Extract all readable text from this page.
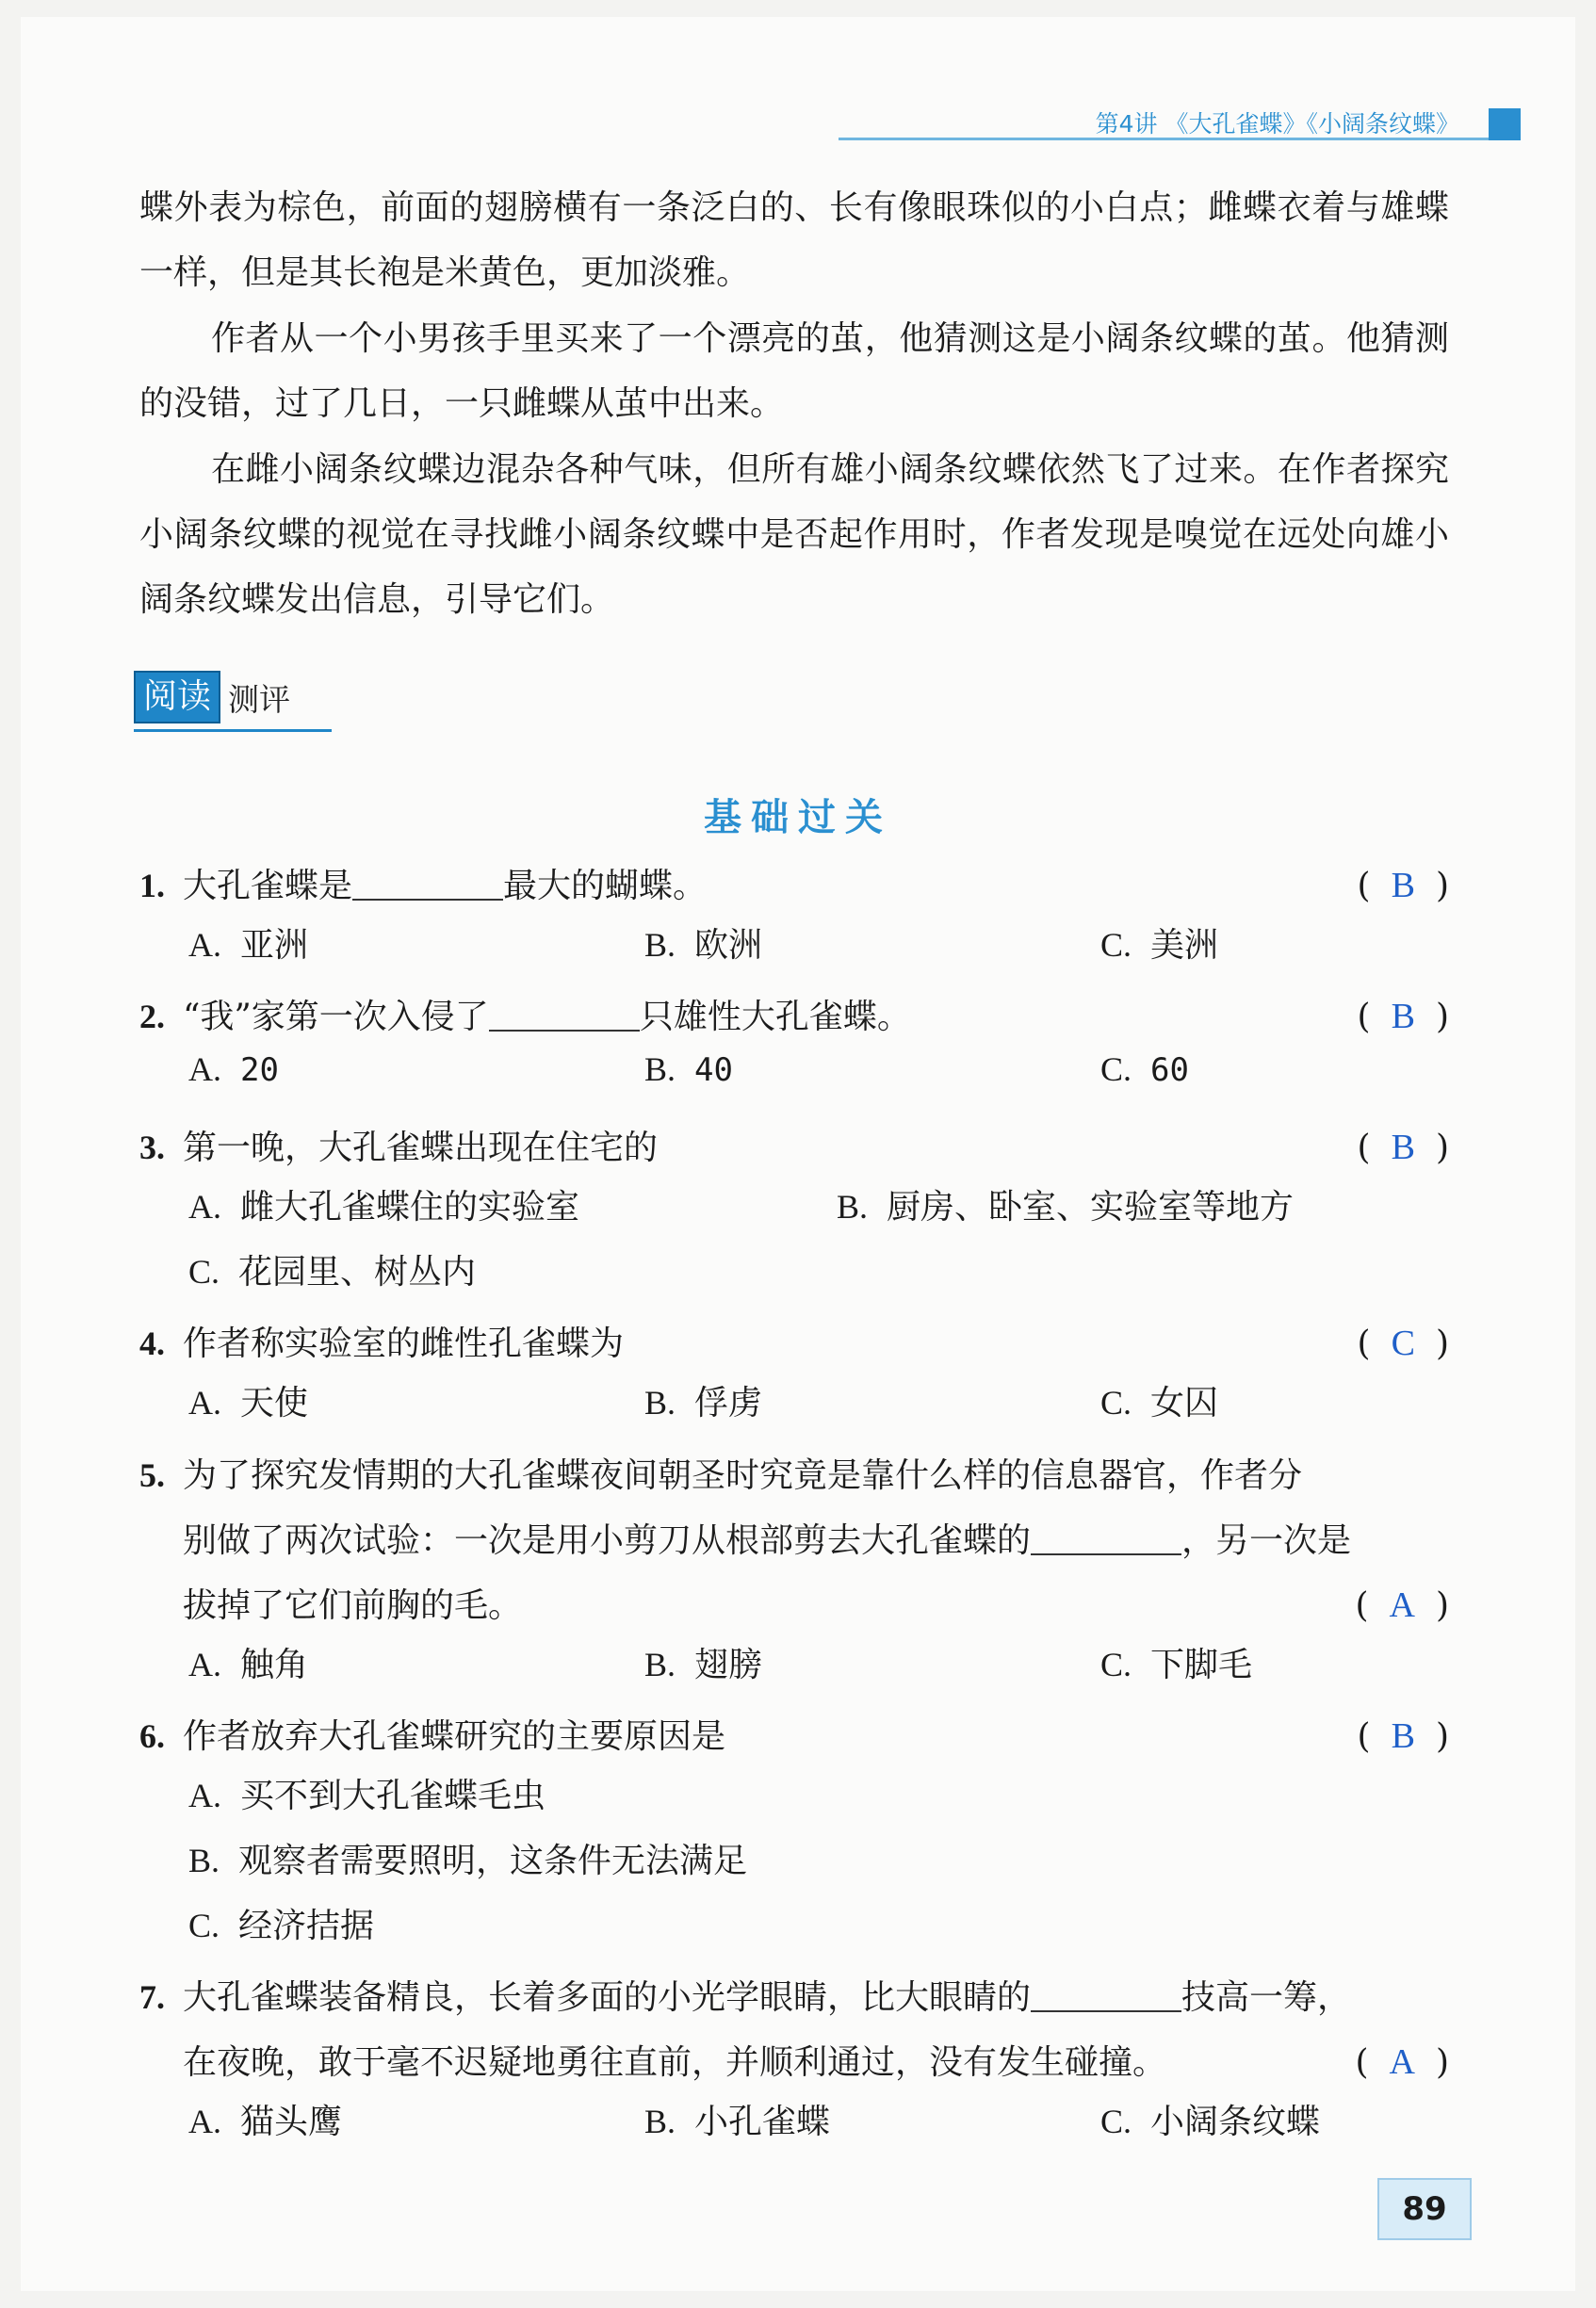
第4讲 《大孔雀蝶》《小阔条纹蝶》
蝶外表为棕色，前面的翅膀横有一条泛白的、长有像眼珠似的小白点；雌蝶衣着与雄蝶一样，但是其长袍是米黄色，更加淡雅。
作者从一个小男孩手里买来了一个漂亮的茧，他猜测这是小阔条纹蝶的茧。他猜测的没错，过了几日，一只雌蝶从茧中出来。
在雌小阔条纹蝶边混杂各种气味，但所有雄小阔条纹蝶依然飞了过来。在作者探究小阔条纹蝶的视觉在寻找雌小阔条纹蝶中是否起作用时，作者发现是嗅觉在远处向雄小阔条纹蝶发出信息，引导它们。
阅读 测评
基础过关
1. 大孔雀蝶是	最大的蝴蝶。	( B )
A. 亚洲	B. 欧洲	C. 美洲
2. “我”家第一次入侵了	只雄性大孔雀蝶。	( B )
A. 20	B. 40	C. 60
3. 第一晚，大孔雀蝶出现在住宅的	( B )
A. 雌大孔雀蝶住的实验室	B. 厨房、卧室、实验室等地方
C. 花园里、树丛内
4. 作者称实验室的雌性孔雀蝶为	( C )
A. 天使	B. 俘虏	C. 女囚
5. 为了探究发情期的大孔雀蝶夜间朝圣时究竟是靠什么样的信息器官，作者分
别做了两次试验：一次是用小剪刀从根部剪去大孔雀蝶的	，另一次是
拔掉了它们前胸的毛。	( A )
A. 触角	B. 翅膀	C. 下脚毛
6. 作者放弃大孔雀蝶研究的主要原因是	( B )
A. 买不到大孔雀蝶毛虫
B. 观察者需要照明，这条件无法满足
C. 经济拮据
7. 大孔雀蝶装备精良，长着多面的小光学眼睛，比大眼睛的	技高一筹，
在夜晚，敢于毫不迟疑地勇往直前，并顺利通过，没有发生碰撞。	( A )
A. 猫头鹰	B. 小孔雀蝶	C. 小阔条纹蝶
89
